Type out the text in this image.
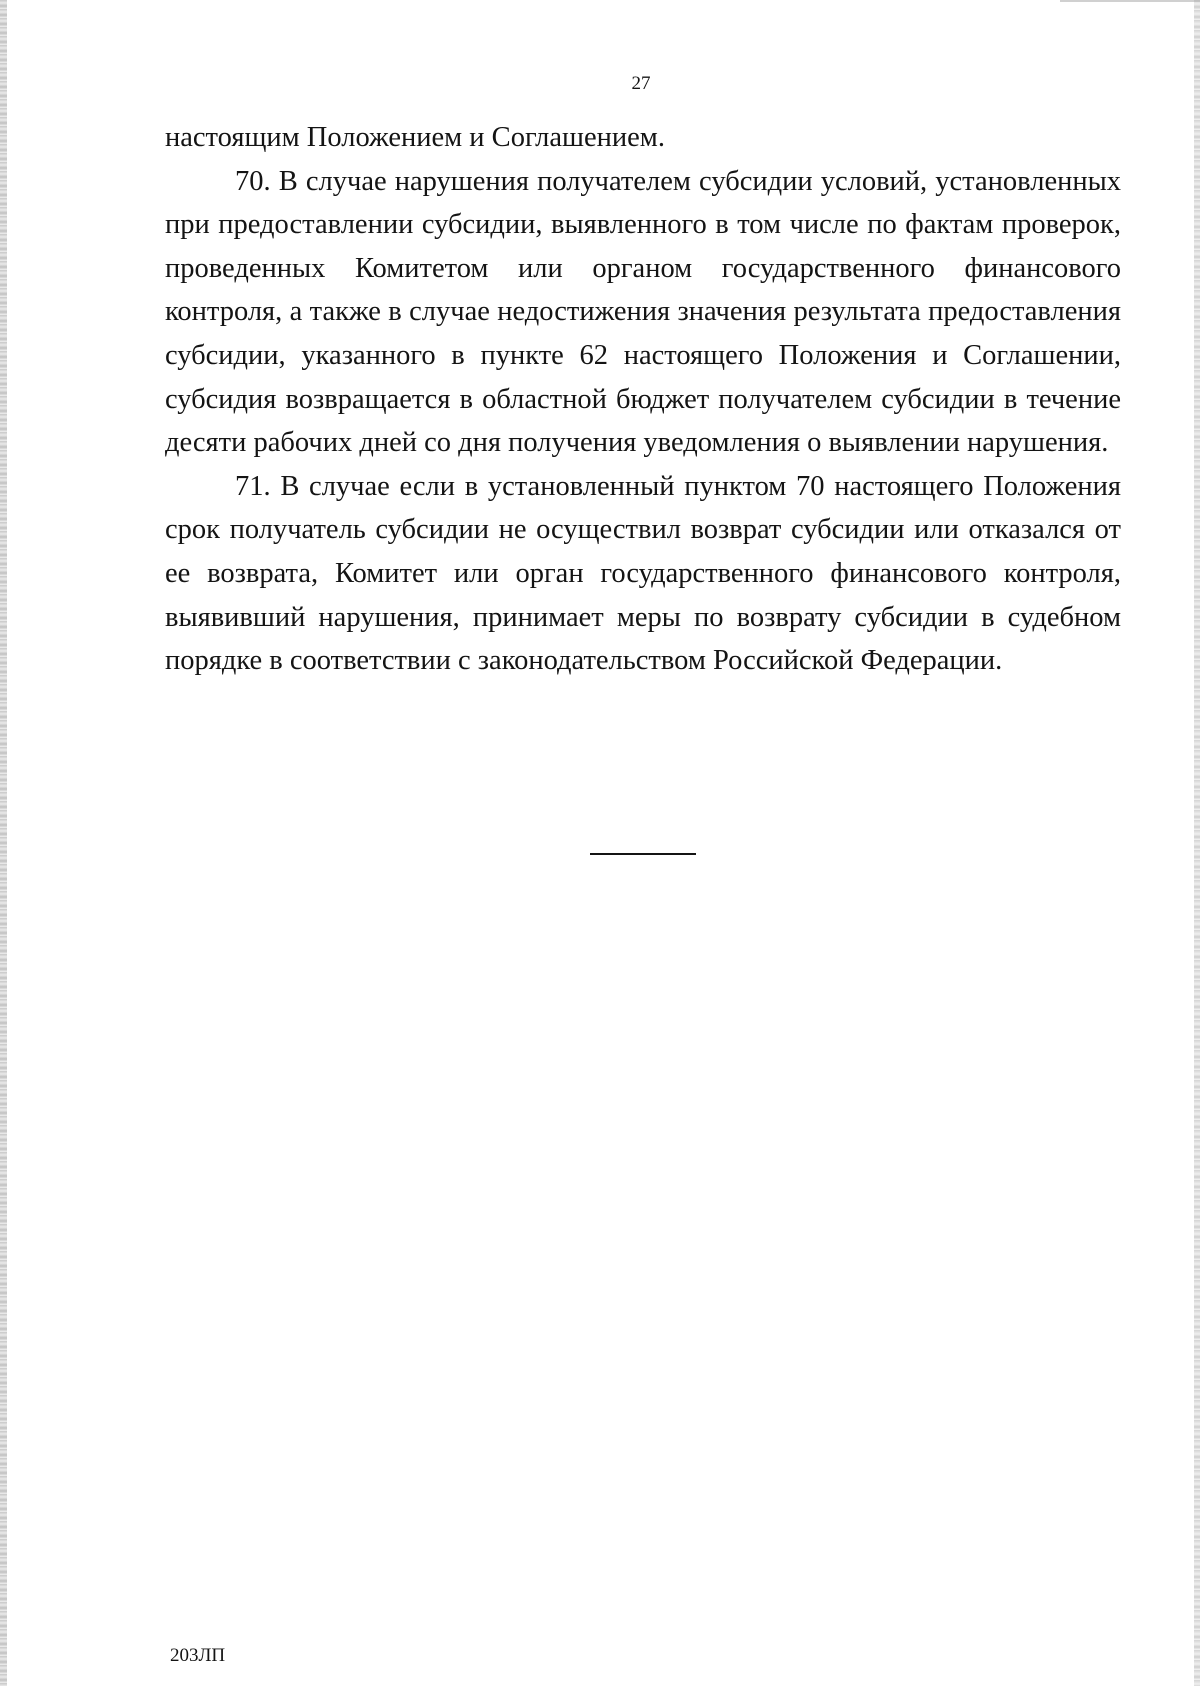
27

настоящим Положением и Соглашением.

70. В случае нарушения получателем субсидии условий, установленных при предоставлении субсидии, выявленного в том числе по фактам проверок, проведенных Комитетом или органом государственного финансового контроля, а также в случае недостижения значения результата предоставления субсидии, указанного в пункте 62 настоящего Положения и Соглашении, субсидия возвращается в областной бюджет получателем субсидии в течение десяти рабочих дней со дня получения уведомления о выявлении нарушения.

71. В случае если в установленный пунктом 70 настоящего Положения срок получатель субсидии не осуществил возврат субсидии или отказался от ее возврата, Комитет или орган государственного финансового контроля, выявивший нарушения, принимает меры по возврату субсидии в судебном порядке в соответствии с законодательством Российской Федерации.

203ЛП
